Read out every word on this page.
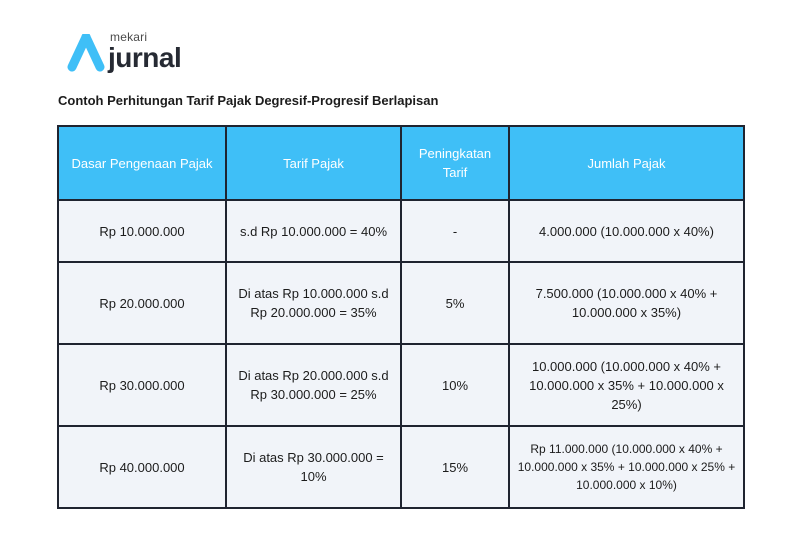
mekari
jurnal
Contoh Perhitungan Tarif Pajak Degresif-Progresif Berlapisan
Dasar Pengenaan Pajak	Tarif Pajak	Peningkatan Tarif	Jumlah Pajak
Rp 10.000.000	s.d Rp 10.000.000 = 40%	-	4.000.000 (10.000.000 x 40%)
Rp 20.000.000	Di atas Rp 10.000.000 s.d Rp 20.000.000 = 35%	5%	7.500.000 (10.000.000 x 40% + 10.000.000 x 35%)
Rp 30.000.000	Di atas Rp 20.000.000 s.d Rp 30.000.000 = 25%	10%	10.000.000 (10.000.000 x 40% + 10.000.000 x 35% + 10.000.000 x 25%)
Rp 40.000.000	Di atas Rp 30.000.000 = 10%	15%	Rp 11.000.000 (10.000.000 x 40% + 10.000.000 x 35% + 10.000.000 x 25% + 10.000.000 x 10%)
